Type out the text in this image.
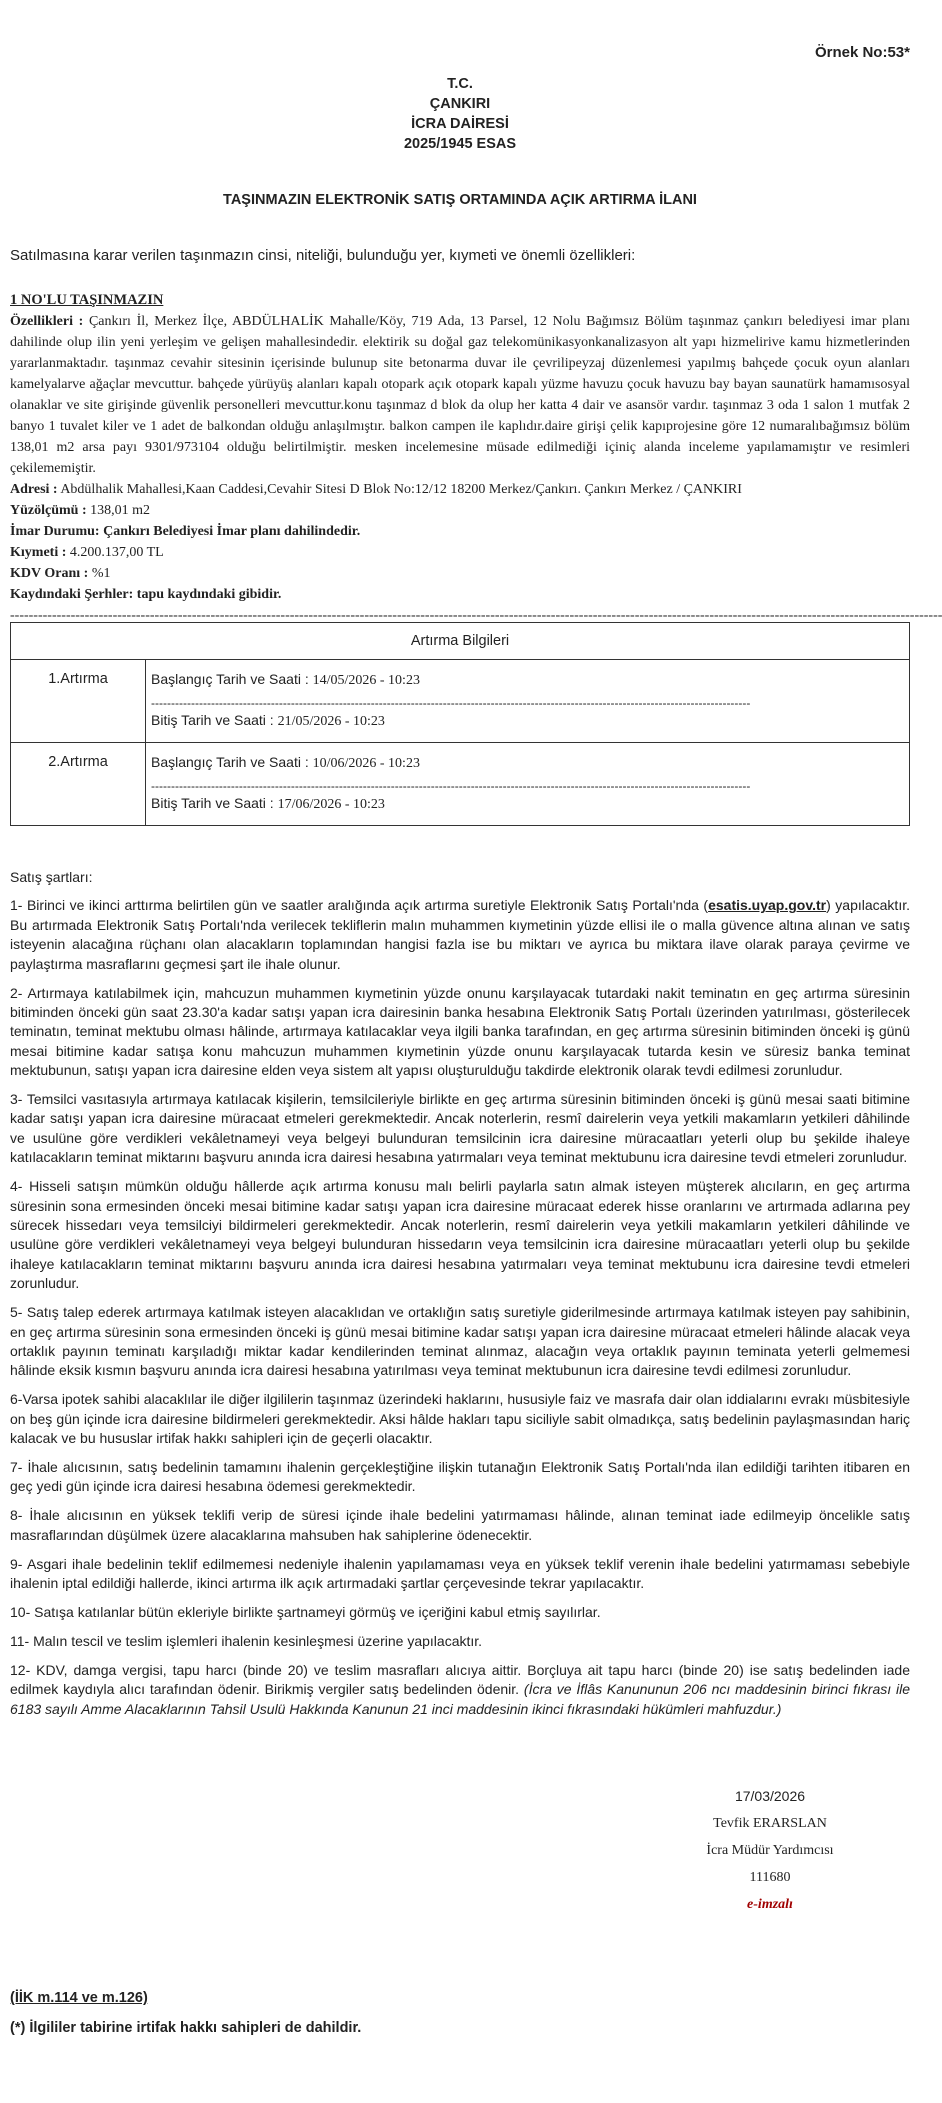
Örnek No:53*
T.C.
ÇANKIRI
İCRA DAİRESİ
2025/1945 ESAS
TAŞINMAZIN ELEKTRONİK SATIŞ ORTAMINDA AÇIK ARTIRMA İLANI
Satılmasına karar verilen taşınmazın cinsi, niteliği, bulunduğu yer, kıymeti ve önemli özellikleri:
1 NO'LU TAŞINMAZIN

Özellikleri : Çankırı İl, Merkez İlçe, ABDÜLHALİK Mahalle/Köy, 719 Ada, 13 Parsel, 12 Nolu Bağımsız Bölüm taşınmaz çankırı belediyesi imar planı dahilinde olup ilin yeni yerleşim ve gelişen mahallesindedir. elektirik su doğal gaz telekomünikasyonkanalizasyon alt yapı hizmelirive kamu hizmetlerinden yararlanmaktadır. taşınmaz cevahir sitesinin içerisinde bulunup site betonarma duvar ile çevrilipeyzaj düzenlemesi yapılmış bahçede çocuk oyun alanları kamelyalarve ağaçlar mevcuttur. bahçede yürüyüş alanları kapalı otopark açık otopark kapalı yüzme havuzu çocuk havuzu bay bayan saunatürk hamamısosyal olanaklar ve site girişinde güvenlik personelleri mevcuttur.konu taşınmaz d blok da olup her katta 4 dair ve asansör vardır. taşınmaz 3 oda 1 salon 1 mutfak 2 banyo 1 tuvalet kiler ve 1 adet de balkondan olduğu anlaşılmıştır. balkon campen ile kaplıdır.daire girişi çelik kapıprojesine göre 12 numaralıbağımsız bölüm 138,01 m2 arsa payı 9301/973104 olduğu belirtilmiştir. mesken incelemesine müsade edilmediği içiniç alanda inceleme yapılamamıştır ve resimleri çekilememiştir.

Adresi : Abdülhalik Mahallesi,Kaan Caddesi,Cevahir Sitesi D Blok No:12/12 18200 Merkez/Çankırı. Çankırı Merkez / ÇANKIRI

Yüzölçümü : 138,01 m2

İmar Durumu: Çankırı Belediyesi İmar planı dahilindedir.

Kıymeti : 4.200.137,00 TL

KDV Oranı : %1

Kaydındaki Şerhler: tapu kaydındaki gibidir.

--------------------------------------------------------------------------------------------------------------------------------------------------------------------------------------------------------
Artırma Bilgileri
1.Artırma	Başlangıç Tarih ve Saati : 14/05/2026 - 10:23
------------------------------------------------------------------------------------------------------------------------------------------------------
Bitiş Tarih ve Saati : 21/05/2026 - 10:23
2.Artırma	Başlangıç Tarih ve Saati : 10/06/2026 - 10:23
------------------------------------------------------------------------------------------------------------------------------------------------------
Bitiş Tarih ve Saati : 17/06/2026 - 10:23
Satış şartları:

1- Birinci ve ikinci arttırma belirtilen gün ve saatler aralığında açık artırma suretiyle Elektronik Satış Portalı'nda (esatis.uyap.gov.tr) yapılacaktır. Bu artırmada Elektronik Satış Portalı'nda verilecek tekliflerin malın muhammen kıymetinin yüzde ellisi ile o malla güvence altına alınan ve satış isteyenin alacağına rüçhanı olan alacakların toplamından hangisi fazla ise bu miktarı ve ayrıca bu miktara ilave olarak paraya çevirme ve paylaştırma masraflarını geçmesi şart ile ihale olunur.

2- Artırmaya katılabilmek için, mahcuzun muhammen kıymetinin yüzde onunu karşılayacak tutardaki nakit teminatın en geç artırma süresinin bitiminden önceki gün saat 23.30'a kadar satışı yapan icra dairesinin banka hesabına Elektronik Satış Portalı üzerinden yatırılması, gösterilecek teminatın, teminat mektubu olması hâlinde, artırmaya katılacaklar veya ilgili banka tarafından, en geç artırma süresinin bitiminden önceki iş günü mesai bitimine kadar satışa konu mahcuzun muhammen kıymetinin yüzde onunu karşılayacak tutarda kesin ve süresiz banka teminat mektubunun, satışı yapan icra dairesine elden veya sistem alt yapısı oluşturulduğu takdirde elektronik olarak tevdi edilmesi zorunludur.

3- Temsilci vasıtasıyla artırmaya katılacak kişilerin, temsilcileriyle birlikte en geç artırma süresinin bitiminden önceki iş günü mesai saati bitimine kadar satışı yapan icra dairesine müracaat etmeleri gerekmektedir. Ancak noterlerin, resmî dairelerin veya yetkili makamların yetkileri dâhilinde ve usulüne göre verdikleri vekâletnameyi veya belgeyi bulunduran temsilcinin icra dairesine müracaatları yeterli olup bu şekilde ihaleye katılacakların teminat miktarını başvuru anında icra dairesi hesabına yatırmaları veya teminat mektubunu icra dairesine tevdi etmeleri zorunludur.

4- Hisseli satışın mümkün olduğu hâllerde açık artırma konusu malı belirli paylarla satın almak isteyen müşterek alıcıların, en geç artırma süresinin sona ermesinden önceki mesai bitimine kadar satışı yapan icra dairesine müracaat ederek hisse oranlarını ve artırmada adlarına pey sürecek hissedarı veya temsilciyi bildirmeleri gerekmektedir. Ancak noterlerin, resmî dairelerin veya yetkili makamların yetkileri dâhilinde ve usulüne göre verdikleri vekâletnameyi veya belgeyi bulunduran hissedarın veya temsilcinin icra dairesine müracaatları yeterli olup bu şekilde ihaleye katılacakların teminat miktarını başvuru anında icra dairesi hesabına yatırmaları veya teminat mektubunu icra dairesine tevdi etmeleri zorunludur.

5- Satış talep ederek artırmaya katılmak isteyen alacaklıdan ve ortaklığın satış suretiyle giderilmesinde artırmaya katılmak isteyen pay sahibinin, en geç artırma süresinin sona ermesinden önceki iş günü mesai bitimine kadar satışı yapan icra dairesine müracaat etmeleri hâlinde alacak veya ortaklık payının teminatı karşıladığı miktar kadar kendilerinden teminat alınmaz, alacağın veya ortaklık payının teminata yeterli gelmemesi hâlinde eksik kısmın başvuru anında icra dairesi hesabına yatırılması veya teminat mektubunun icra dairesine tevdi edilmesi zorunludur.

6-Varsa ipotek sahibi alacaklılar ile diğer ilgililerin taşınmaz üzerindeki haklarını, hususiyle faiz ve masrafa dair olan iddialarını evrakı müsbitesiyle on beş gün içinde icra dairesine bildirmeleri gerekmektedir. Aksi hâlde hakları tapu siciliyle sabit olmadıkça, satış bedelinin paylaşmasından hariç kalacak ve bu hususlar irtifak hakkı sahipleri için de geçerli olacaktır.

7- İhale alıcısının, satış bedelinin tamamını ihalenin gerçekleştiğine ilişkin tutanağın Elektronik Satış Portalı'nda ilan edildiği tarihten itibaren en geç yedi gün içinde icra dairesi hesabına ödemesi gerekmektedir.

8- İhale alıcısının en yüksek teklifi verip de süresi içinde ihale bedelini yatırmaması hâlinde, alınan teminat iade edilmeyip öncelikle satış masraflarından düşülmek üzere alacaklarına mahsuben hak sahiplerine ödenecektir.

9- Asgari ihale bedelinin teklif edilmemesi nedeniyle ihalenin yapılamaması veya en yüksek teklif verenin ihale bedelini yatırmaması sebebiyle ihalenin iptal edildiği hallerde, ikinci artırma ilk açık artırmadaki şartlar çerçevesinde tekrar yapılacaktır.

10- Satışa katılanlar bütün ekleriyle birlikte şartnameyi görmüş ve içeriğini kabul etmiş sayılırlar.

11- Malın tescil ve teslim işlemleri ihalenin kesinleşmesi üzerine yapılacaktır.

12- KDV, damga vergisi, tapu harcı (binde 20) ve teslim masrafları alıcıya aittir. Borçluya ait tapu harcı (binde 20) ise satış bedelinden iade edilmek kaydıyla alıcı tarafından ödenir. Birikmiş vergiler satış bedelinden ödenir. (İcra ve İflâs Kanununun 206 ncı maddesinin birinci fıkrası ile 6183 sayılı Amme Alacaklarının Tahsil Usulü Hakkında Kanunun 21 inci maddesinin ikinci fıkrasındaki hükümleri mahfuzdur.)

17/03/2026
Tevfik ERARSLAN
İcra Müdür Yardımcısı
111680
e-imzalı
(İİK m.114 ve m.126)
(*) İlgililer tabirine irtifak hakkı sahipleri de dahildir.
